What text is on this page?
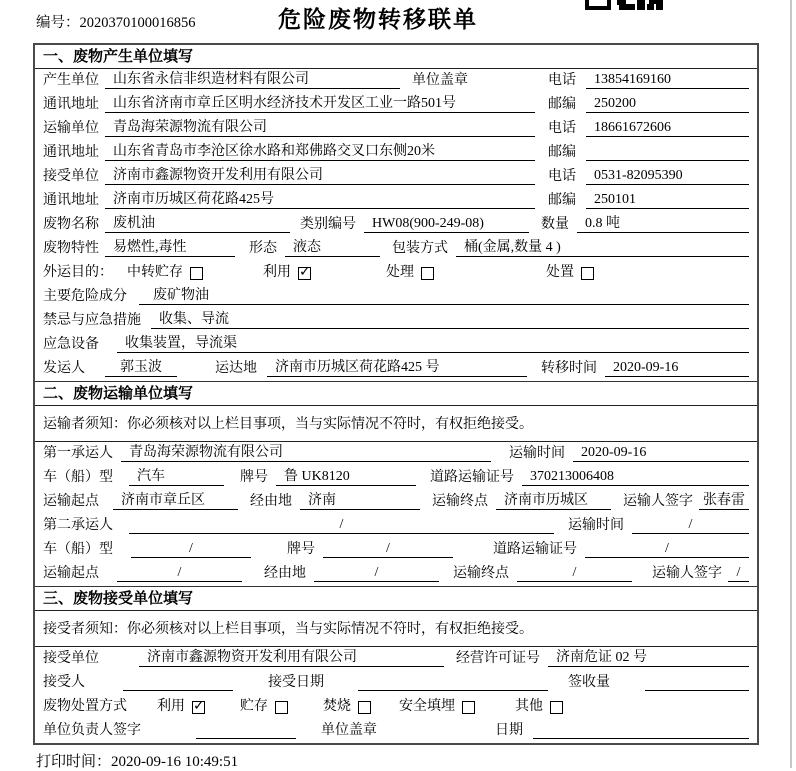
编号：2020370100016856	危险废物转移联单
一、废物产生单位填写
产生单位	山东省永信非织造材料有限公司	单位盖章	电话	13854169160
通讯地址	山东省济南市章丘区明水经济技术开发区工业一路501号	邮编	250200
运输单位	青岛海荣源物流有限公司	电话	18661672606
通讯地址	山东省青岛市李沧区徐水路和郑佛路交叉口东侧20米	邮编
接受单位	济南市鑫源物资开发利用有限公司	电话	0531-82095390
通讯地址	济南市历城区荷花路425号	邮编	250101
废物名称	废机油	类别编号	HW08(900-249-08)	数量	0.8 吨
废物特性	易燃性,毒性	形态	液态	包装方式	桶(金属,数量 4 )
外运目的： 中转贮存	利用 ✓	处理	处置
主要危险成分	废矿物油
禁忌与应急措施	收集、导流
应急设备	收集装置，导流渠
发运人	郭玉波	运达地	济南市历城区荷花路425 号	转移时间	2020-09-16
二、废物运输单位填写
运输者须知：你必须核对以上栏目事项，当与实际情况不符时，有权拒绝接受。
第一承运人	青岛海荣源物流有限公司	运输时间	2020-09-16
车（船）型	汽车	牌号	鲁 UK8120	道路运输证号	370213006408
运输起点	济南市章丘区	经由地	济南	运输终点	济南市历城区	运输人签字 张春雷
第二承运人	/	运输时间	/
车（船）型	/	牌号	/	道路运输证号	/
运输起点	/	经由地	/	运输终点	/	运输人签字	/
三、废物接受单位填写
接受者须知：你必须核对以上栏目事项，当与实际情况不符时，有权拒绝接受。
接受单位	济南市鑫源物资开发利用有限公司	经营许可证号	济南危证 02 号
接受人	接受日期	签收量
废物处置方式 利用 ✓	贮存	焚烧	安全填埋	其他
单位负责人签字	单位盖章	日期
打印时间：2020-09-16 10:49:51
